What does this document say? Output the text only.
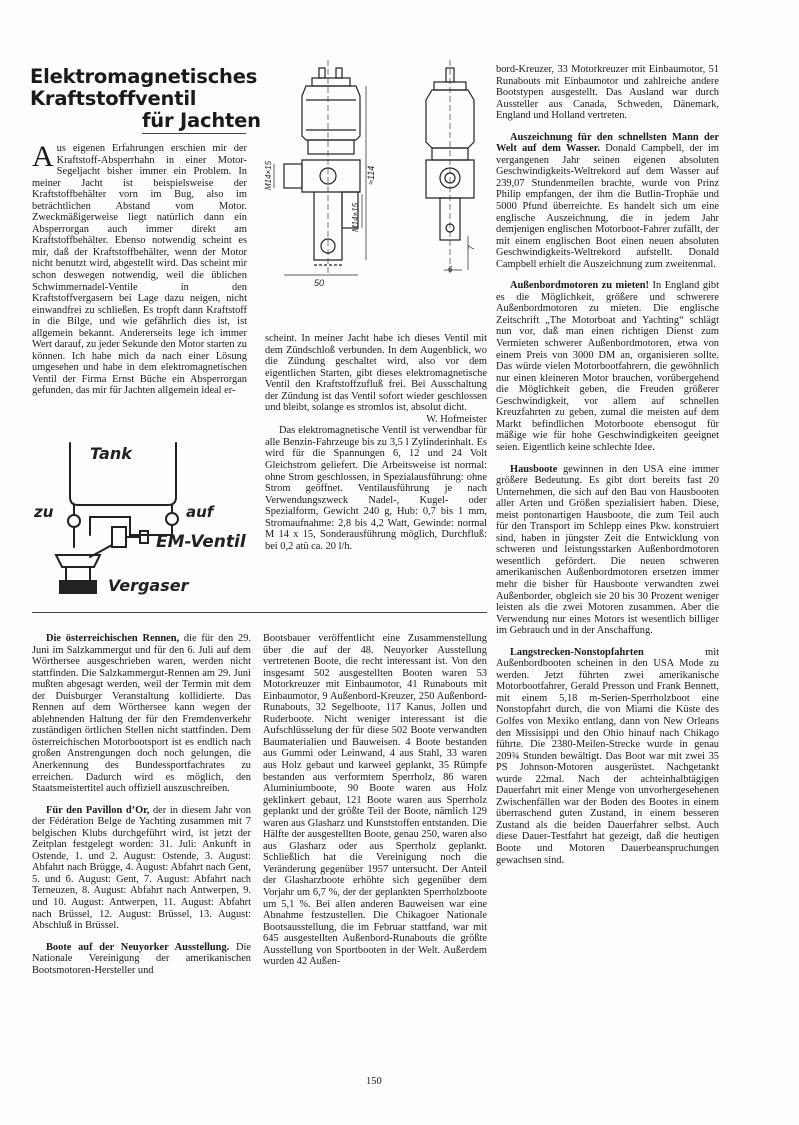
Elektromagnetisches
Kraftstoffventil
für Jachten
Aus eigenen Erfahrungen erschien mir der Kraftstoff-Absperrhahn in einer Motor-Segeljacht bisher immer ein Problem. In meiner Jacht ist beispielsweise der Kraftstoffbehälter vorn im Bug, also im beträchtlichen Abstand vom Motor. Zweckmäßigerweise liegt natürlich dann ein Absperrorgan auch immer direkt am Kraftstoffbehälter. Ebenso notwendig scheint es mir, daß der Kraftstoffbehälter, wenn der Motor nicht benutzt wird, abgestellt wird. Das scheint mir schon deswegen notwendig, weil die üblichen Schwimmernadel-Ventile in den Kraftstoffvergasern bei Lage dazu neigen, nicht einwandfrei zu schließen. Es tropft dann Kraftstoff in die Bilge, und wie gefährlich dies ist, ist allgemein bekannt. Andererseits lege ich immer Wert darauf, zu jeder Sekunde den Motor starten zu können. Ich habe mich da nach einer Lösung umgesehen und habe in dem elektromagnetischen Ventil der Firma Ernst Büche ein Absperrorgan gefunden, das mir für Jachten allgemein ideal er-
50
≈114
M14×15
M14×15
6
7

scheint. In meiner Jacht habe ich dieses Ventil mit dem Zündschloß verbunden. In dem Augenblick, wo die Zündung geschaltet wird, also vor dem eigentlichen Starten, gibt dieses elektromagnetische Ventil den Kraftstoffzufluß frei. Bei Ausschaltung der Zündung ist das Ventil sofort wieder geschlossen und bleibt, solange es stromlos ist, absolut dicht.

W. Hofmeister

Das elektromagnetische Ventil ist verwendbar für alle Benzin-Fahrzeuge bis zu 3,5 l Zylinderinhalt. Es wird für die Spannungen 6, 12 und 24 Volt Gleichstrom geliefert. Die Arbeitsweise ist normal: ohne Strom geschlossen, in Spezialausführung: ohne Strom geöffnet. Ventilausführung je nach Verwendungszweck Nadel-, Kugel- oder Spezialform, Gewicht 240 g, Hub: 0,7 bis 1 mm, Stromaufnahme: 2,8 bis 4,2 Watt, Gewinde: normal M 14 x 15, Sonderausführung möglich, Durchfluß: bei 0,2 atü ca. 20 l/h.

Tank
zu	auf
EM-Ventil
Vergaser

bord-Kreuzer, 33 Motorkreuzer mit Einbaumotor, 51 Runabouts mit Einbaumotor und zahlreiche andere Bootstypen ausgestellt. Das Ausland war durch Aussteller aus Canada, Schweden, Dänemark, England und Holland vertreten.

Auszeichnung für den schnellsten Mann der Welt auf dem Wasser. Donald Campbell, der im vergangenen Jahr seinen eigenen absoluten Geschwindigkeits-Weltrekord auf dem Wasser auf 239,07 Stundenmeilen brachte, wurde von Prinz Philip empfangen, der ihm die Butlin-Trophäe und 5000 Pfund überreichte. Es handelt sich um eine englische Auszeichnung, die in jedem Jahr demjenigen englischen Motorboot-Fahrer zufällt, der mit einem englischen Boot einen neuen absoluten Geschwindigkeits-Weltrekord aufstellt. Donald Campbell erhielt die Auszeichnung zum zweitenmal.

Außenbordmotoren zu mieten! In England gibt es die Möglichkeit, größere und schwerere Außenbordmotoren zu mieten. Die englische Zeitschrift „The Motorboat and Yachting“ schlägt nun vor, daß man einen richtigen Dienst zum Vermieten schwerer Außenbordmotoren, etwa von einem Preis von 3000 DM an, organisieren sollte. Das würde vielen Motorbootfahrern, die gewöhnlich nur einen kleineren Motor brauchen, vorübergehend die Möglichkeit geben, die Freuden größerer Geschwindigkeit, vor allem auf schnellen Kreuzfahrten zu geben, zumal die meisten auf dem Markt befindlichen Motorboote ebensogut für mäßige wie für hohe Geschwindigkeiten geeignet seien. Eigentlich keine schlechte Idee.

Hausboote gewinnen in den USA eine immer größere Bedeutung. Es gibt dort bereits fast 20 Unternehmen, die sich auf den Bau von Hausbooten aller Arten und Größen spezialisiert haben. Diese, meist pontonartigen Hausboote, die zum Teil auch für den Transport im Schlepp eines Pkw. konstruiert sind, haben in jüngster Zeit die Entwicklung von schweren und leistungsstarken Außenbordmotoren wesentlich gefördert. Die neuen schweren amerikanischen Außenbordmotoren ersetzen immer mehr die bisher für Hausboote verwandten zwei Außenborder, obgleich sie 20 bis 30 Prozent weniger leisten als die zwei Motoren zusammen. Aber die Verwendung nur eines Motors ist wesentlich billiger im Gebrauch und in der Anschaffung.

Langstrecken-Nonstopfahrten	mit Außenbordbooten scheinen in den USA Mode zu werden. Jetzt führten zwei amerikanische Motorbootfahrer, Gerald Presson und Frank Bennett, mit einem 5,18 m-Serien-Sperrholzboot eine Nonstopfahrt durch, die von Miami die Küste des Golfes von Mexiko entlang, dann von New Orleans den Missisippi und den Ohio hinauf nach Chikago führte. Die 2380-Meilen-Strecke wurde in genau 209¾ Stunden bewältigt. Das Boot war mit zwei 35 PS Johnson-Motoren ausgerüstet. Nachgetankt wurde 22mal. Nach der achteinhalbtägigen Dauerfahrt mit einer Menge von unvorhergesehenen Zwischenfällen war der Boden des Bootes in einem überraschend guten Zustand, in einem besseren Zustand als die beiden Dauerfahrer selbst. Auch diese Dauer-Testfahrt hat gezeigt, daß die heutigen Boote und Motoren Dauerbeanspruchungen gewachsen sind.

Die österreichischen Rennen, die für den 29. Juni im Salzkammergut und für den 6. Juli auf dem Wörthersee ausgeschrieben waren, werden nicht stattfinden. Die Salzkammergut-Rennen am 29. Juni mußten abgesagt werden, weil der Termin mit dem der Duisburger Veranstaltung kollidierte. Das Rennen auf dem Wörthersee kann wegen der ablehnenden Haltung der für den Fremdenverkehr zuständigen örtlichen Stellen nicht stattfinden. Dem österreichischen Motorbootsport ist es endlich nach großen Anstrengungen doch noch gelungen, die Anerkennung des Bundessportfachrates zu erreichen. Dadurch wird es möglich, den Staatsmeistertitel auch offiziell auszuschreiben.

Für den Pavillon d’Or, der in diesem Jahr von der Fédération Belge de Yachting zusammen mit 7 belgischen Klubs durchgeführt wird, ist jetzt der Zeitplan festgelegt worden: 31. Juli: Ankunft in Ostende, 1. und 2. August: Ostende, 3. August: Abfahrt nach Brügge, 4. August: Abfahrt nach Gent, 5. und 6. August: Gent, 7. August: Abfahrt nach Terneuzen, 8. August: Abfahrt nach Antwerpen, 9. und 10. August: Antwerpen, 11. August: Abfahrt nach Brüssel, 12. August: Brüssel, 13. August: Abschluß in Brüssel.

Boote auf der Neuyorker Ausstellung. Die Nationale Vereinigung der amerikanischen Bootsmotoren-Hersteller und

Bootsbauer veröffentlicht eine Zusammenstellung über die auf der 48. Neuyorker Ausstellung vertretenen Boote, die recht interessant ist. Von den insgesamt 502 ausgestellten Booten waren 53 Motorkreuzer mit Einbaumotor, 41 Runabouts mit Einbaumotor, 9 Außenbord-Kreuzer, 250 Außenbord-Runabouts, 32 Segelboote, 117 Kanus, Jollen und Ruderboote. Nicht weniger interessant ist die Aufschlüsselung der für diese 502 Boote verwandten Baumaterialien und Bauweisen. 4 Boote bestanden aus Gummi oder Leinwand, 4 aus Stahl, 33 waren aus Holz gebaut und karweel geplankt, 35 Rümpfe bestanden aus verformtem Sperrholz, 86 waren Aluminiumboote, 90 Boote waren aus Holz geklinkert gebaut, 121 Boote waren aus Sperrholz geplankt und der größte Teil der Boote, nämlich 129 waren aus Glasharz und Kunststoffen entstanden. Die Hälfte der ausgestellten Boote, genau 250, waren also aus Glasharz oder aus Sperrholz geplankt. Schließlich hat die Vereinigung noch die Veränderung gegenüber 1957 untersucht. Der Anteil der Glasharzboote erhöhte sich gegenüber dem Vorjahr um 6,7 %, der der geplankten Sperrholzboote um 5,1 %. Bei allen anderen Bauweisen war eine Abnahme festzustellen. Die Chikagoer Nationale Bootsausstellung, die im Februar stattfand, war mit 645 ausgestellten Außenbord-Runabouts die größte Ausstellung von Sportbooten in der Welt. Außerdem wurden 42 Außen-

150
